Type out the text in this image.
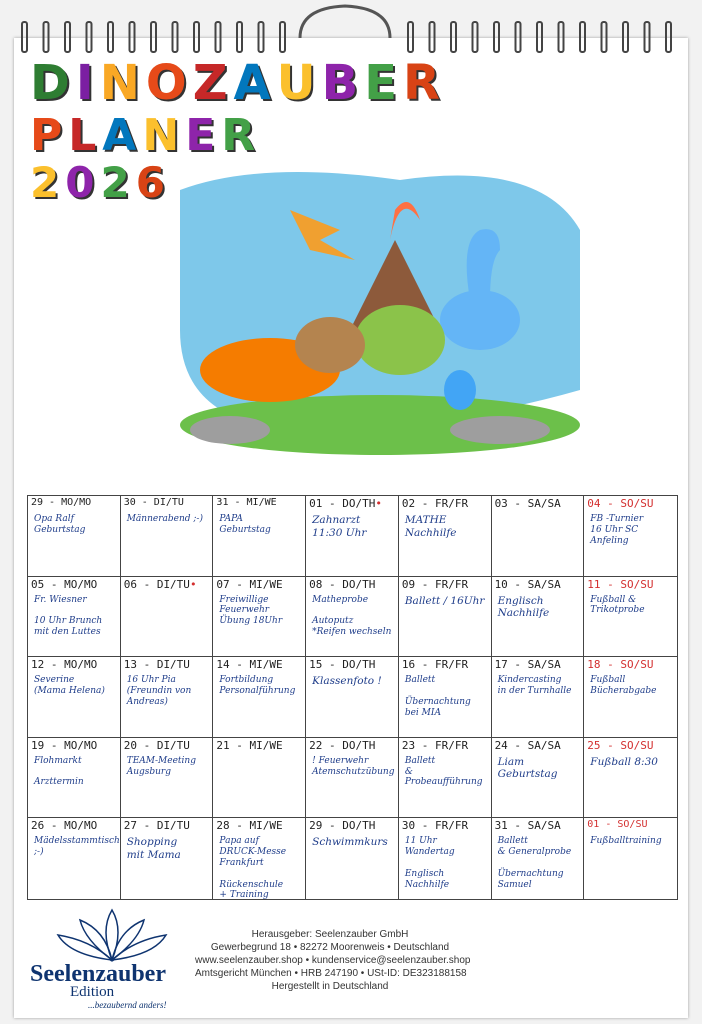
D I N O Z A U B E R
P L A N E R
2 0 2 6
29 - MO/MO
Opa Ralf
Geburtstag
30 - DI/TU
Männerabend ;-)
31 - MI/WE
PAPA
Geburtstag
01 - DO/TH•
Zahnarzt
11:30 Uhr
02 - FR/FR
MATHE
Nachhilfe
03 - SA/SA 04 - SO/SU
FB -Turnier
16 Uhr SC Anfeling
05 - MO/MO
Fr. Wiesner

10 Uhr Brunch
mit den Luttes
06 - DI/TU• 07 - MI/WE
Freiwillige Feuerwehr
Übung 18Uhr
08 - DO/TH
Matheprobe

Autoputz
*Reifen wechseln
09 - FR/FR
Ballett / 16Uhr
10 - SA/SA
Englisch
Nachhilfe
11 - SO/SU
Fußball & Trikotprobe
12 - MO/MO
Severine
(Mama Helena)
13 - DI/TU
16 Uhr Pia
(Freundin von Andreas)
14 - MI/WE
Fortbildung
Personalführung
15 - DO/TH
Klassenfoto !
16 - FR/FR
Ballett

Übernachtung
bei MIA
17 - SA/SA
Kindercasting
in der Turnhalle
18 - SO/SU
Fußball
Bücherabgabe
19 - MO/MO
Flohmarkt

Arzttermin
20 - DI/TU
TEAM-Meeting
Augsburg
21 - MI/WE 22 - DO/TH
! Feuerwehr
Atemschutzübung
23 - FR/FR
Ballett
& Probeaufführung
24 - SA/SA
Liam Geburtstag
25 - SO/SU
Fußball 8:30
26 - MO/MO
Mädelsstammtisch
;-)
27 - DI/TU
Shopping
mit Mama
28 - MI/WE
Papa auf
DRUCK-Messe
Frankfurt

Rückenschule
+ Training
29 - DO/TH
Schwimmkurs
30 - FR/FR
11 Uhr Wandertag

Englisch
Nachhilfe
31 - SA/SA
Ballett
& Generalprobe

Übernachtung
Samuel
01 - SO/SU
Fußballtraining
Seelenzauber
Edition
...bezaubernd anders!
Herausgeber: Seelenzauber GmbH
Gewerbegrund 18 • 82272 Moorenweis • Deutschland
www.seelenzauber.shop • kundenservice@seelenzauber.shop
Amtsgericht München • HRB 247190 • USt-ID: DE323188158
Hergestellt in Deutschland
